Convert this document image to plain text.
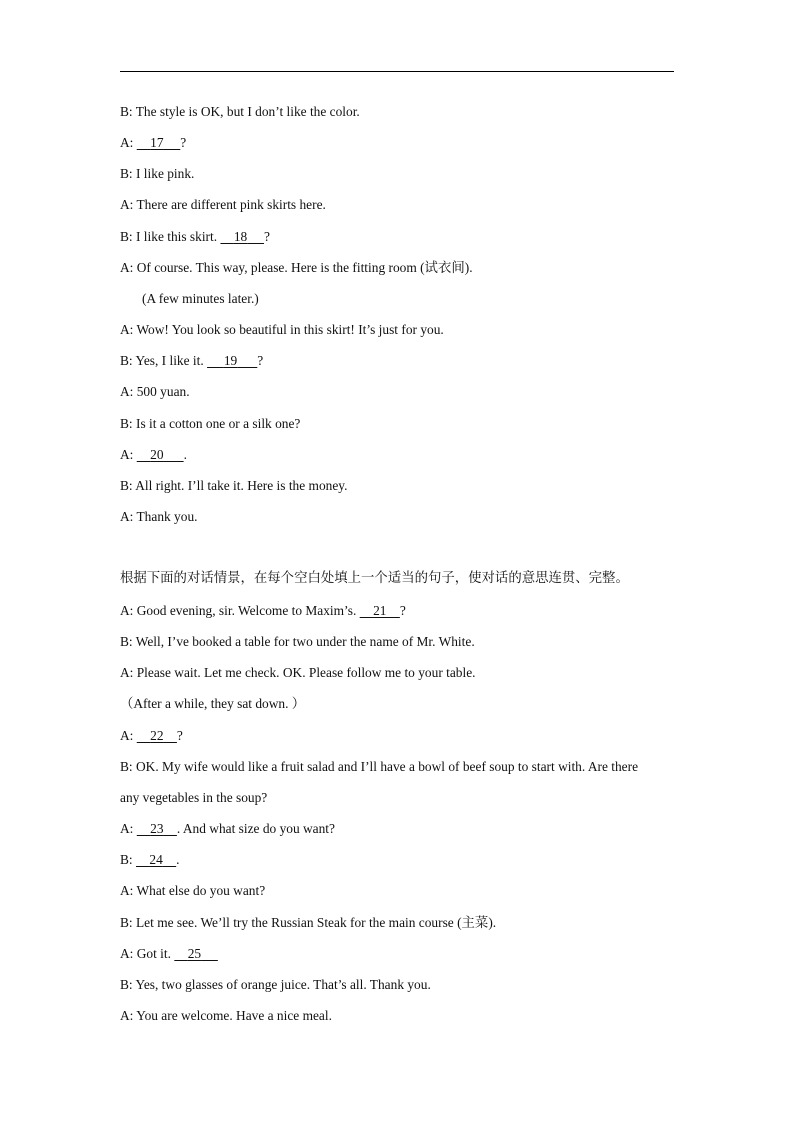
B: The style is OK, but I don’t like the color.
A:     17 ?
B: I like pink.
A: There are different pink skirts here.
B: I like this skirt.     18 ?
A: Of course. This way, please. Here is the fitting room (试衣间).
(A few minutes later.)
A: Wow! You look so beautiful in this skirt! It’s just for you.
B: Yes, I like it.      19 ?
A: 500 yuan.
B: Is it a cotton one or a silk one?
A:     20 .
B: All right. I’ll take it. Here is the money.
A: Thank you.
根据下面的对话情景，在每个空白处填上一个适当的句子，使对话的意思连贯、完整。
A: Good evening, sir. Welcome to Maxim’s.     21 ?
B: Well, I’ve booked a table for two under the name of Mr. White.
A: Please wait. Let me check. OK. Please follow me to your table.
（After a while, they sat down. ）
A:     22 ?
B: OK. My wife would like a fruit salad and I’ll have a bowl of beef soup to start with. Are there
any vegetables in the soup?
A:     23 . And what size do you want?
B:     24 .
A: What else do you want?
B: Let me see. We’ll try the Russian Steak for the main course (主菜).
A: Got it.     25
B: Yes, two glasses of orange juice. That’s all. Thank you.
A: You are welcome. Have a nice meal.
